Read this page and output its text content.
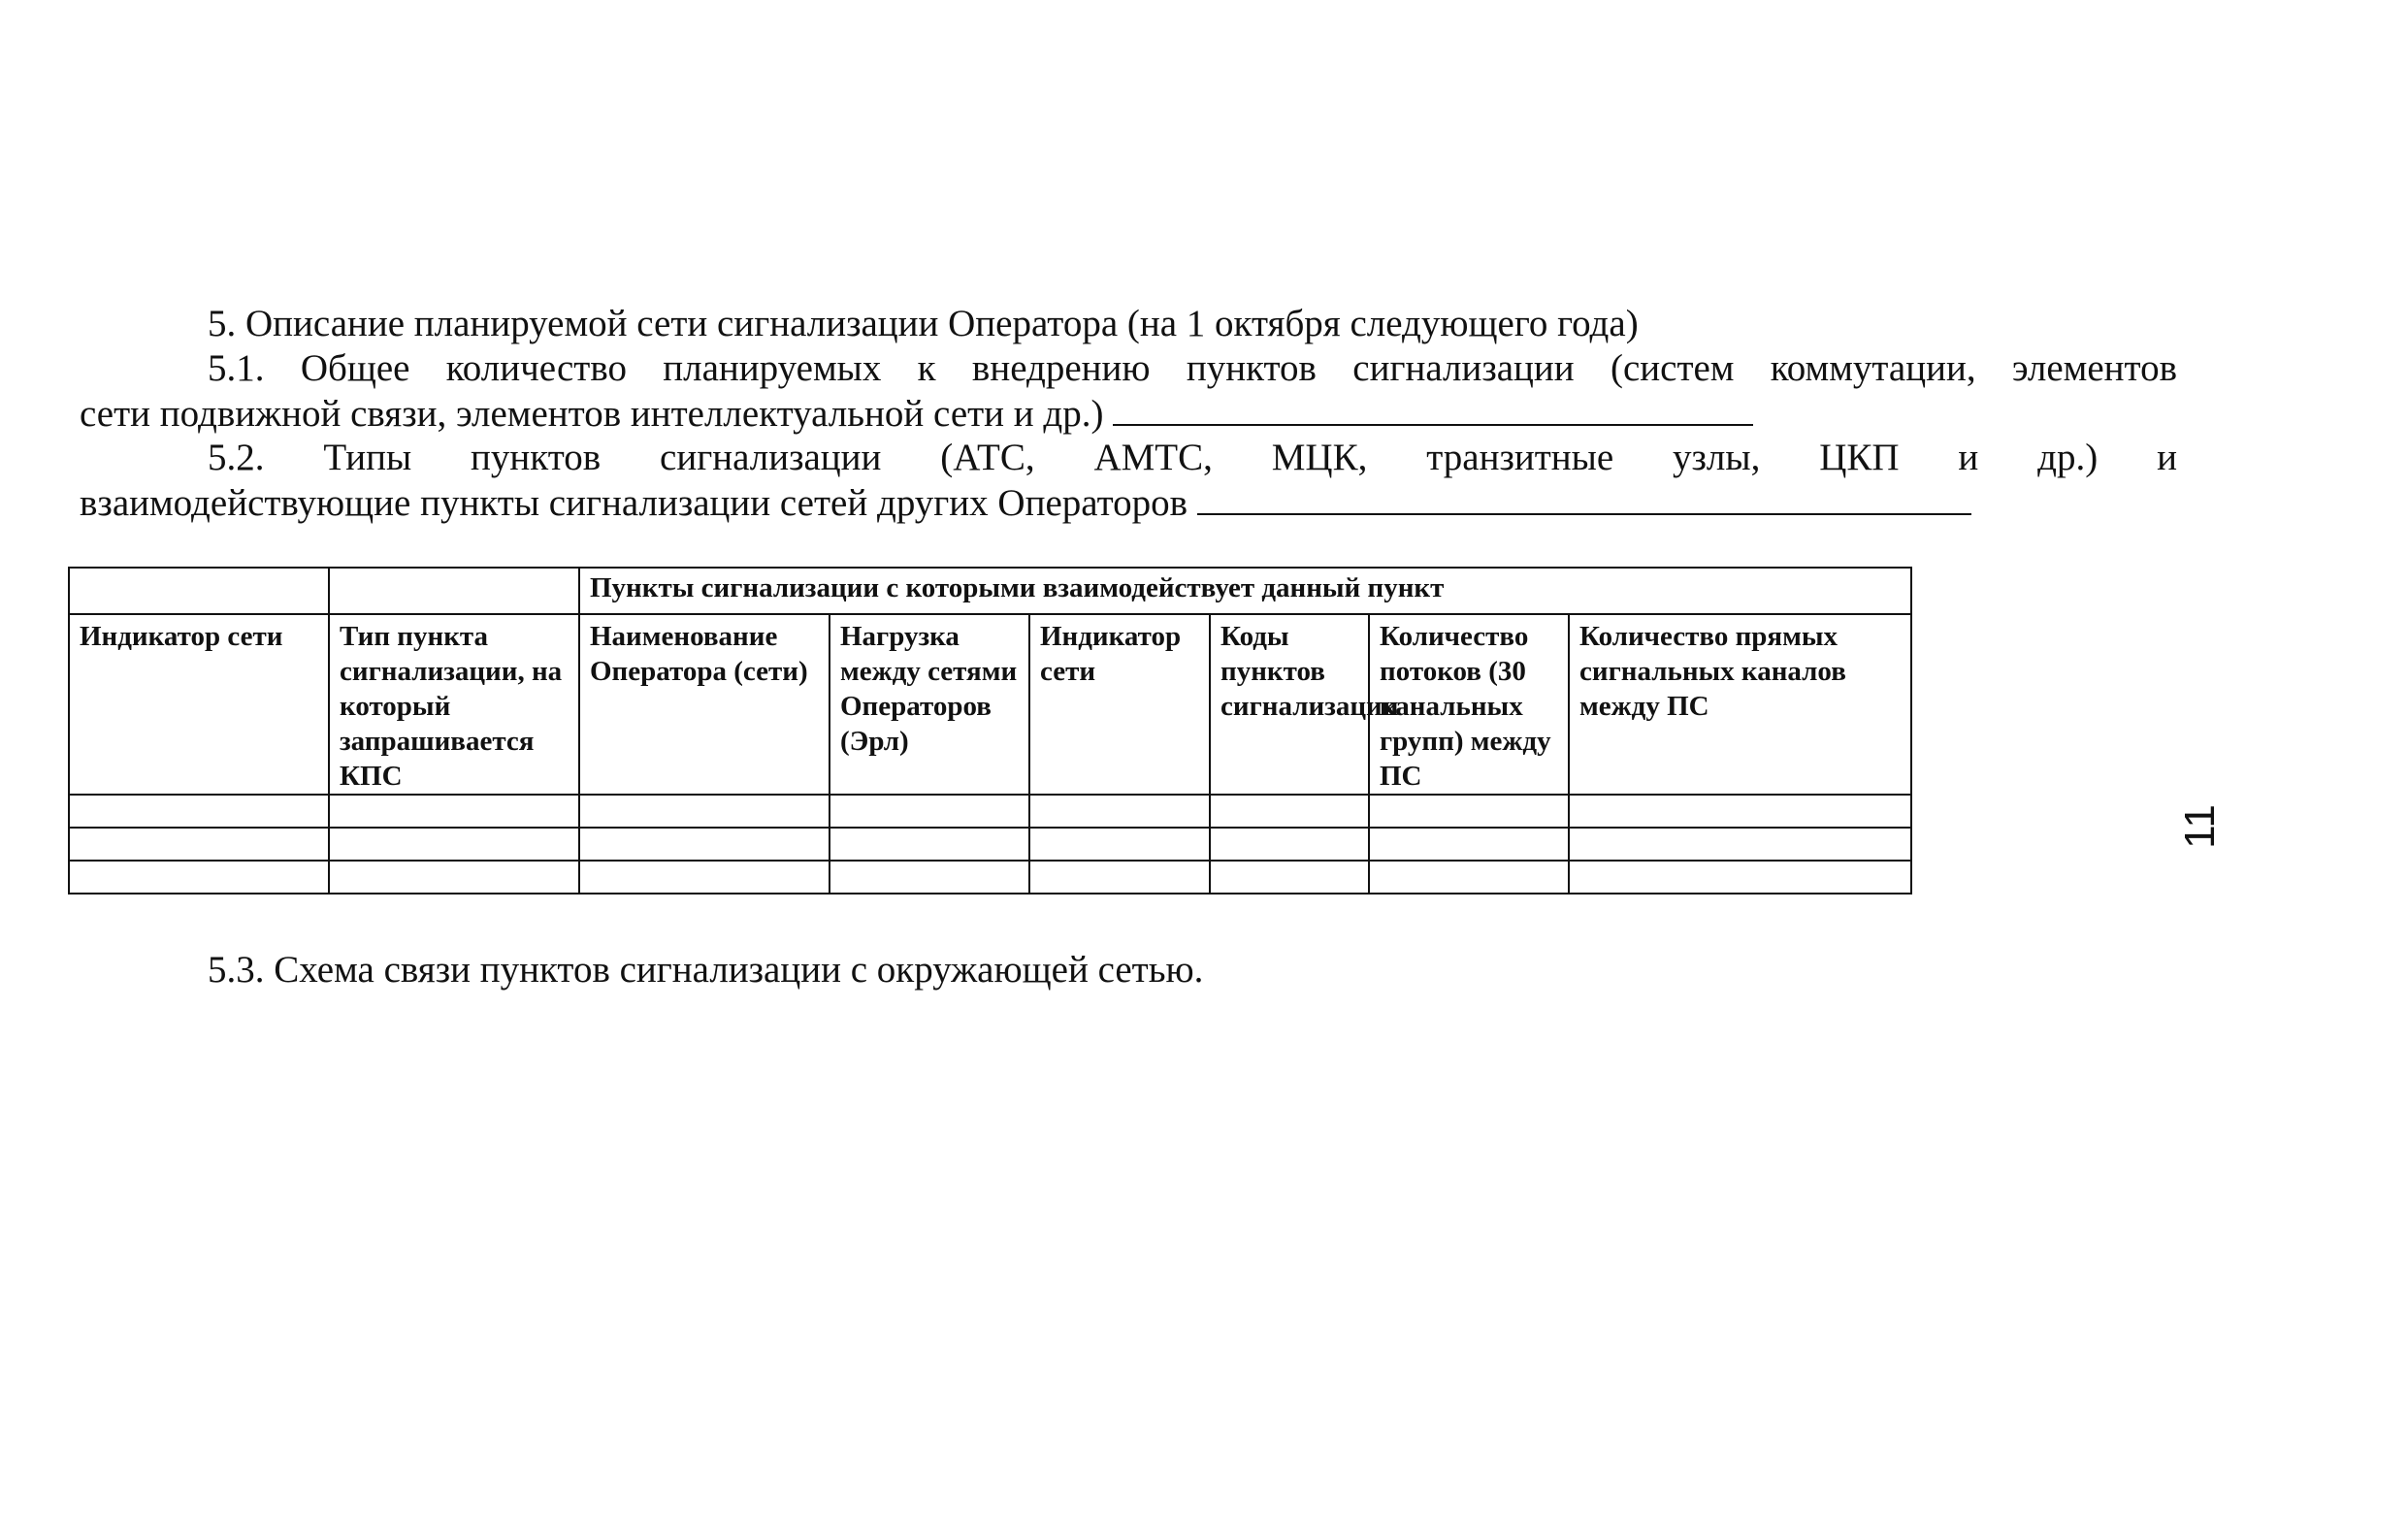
5. Описание планируемой сети сигнализации Оператора (на 1 октября следующего года)
5.1. Общее количество планируемых к внедрению пунктов сигнализации (систем коммутации, элементов
сети подвижной связи, элементов интеллектуальной сети и др.)
5.2. Типы пунктов сигнализации (АТС, АМТС, МЦК, транзитные узлы, ЦКП и др.) и
взаимодействующие пункты сигнализации сетей других Операторов
		Пункты сигнализации с которыми взаимодействует данный пункт					
Индикатор сети	Тип пункта сигнализации, на который запрашивается КПС	Наименование Оператора (сети)	Нагрузка между сетями Операторов (Эрл)	Индикатор сети	Коды пунктов сигнализации	Количество потоков (30 канальных групп) между ПС	Количество прямых сигнальных каналов между ПС

5.3. Схема связи пунктов сигнализации с окружающей сетью.
11
